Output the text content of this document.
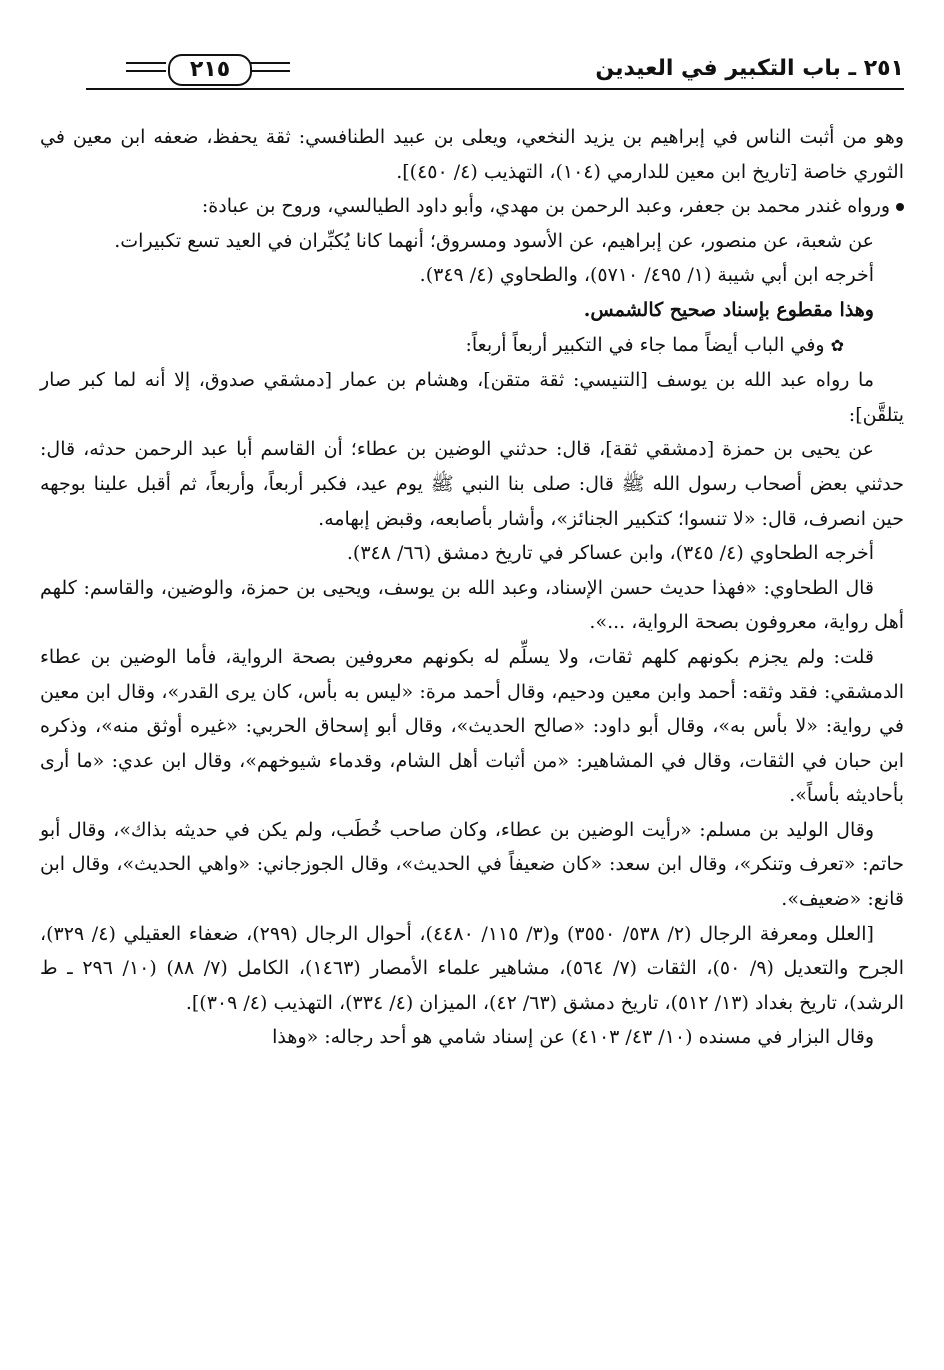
٢٥١ ـ باب التكبير في العيدين
٢١٥

وهو من أثبت الناس في إبراهيم بن يزيد النخعي، ويعلى بن عبيد الطنافسي: ثقة يحفظ، ضعفه ابن معين في الثوري خاصة [تاريخ ابن معين للدارمي (١٠٤)، التهذيب (٤/ ٤٥٠)].

ورواه غندر محمد بن جعفر، وعبد الرحمن بن مهدي، وأبو داود الطيالسي، وروح بن عبادة:

عن شعبة، عن منصور، عن إبراهيم، عن الأسود ومسروق؛ أنهما كانا يُكبِّران في العيد تسع تكبيرات.

أخرجه ابن أبي شيبة (١/ ٤٩٥/ ٥٧١٠)، والطحاوي (٤/ ٣٤٩).

وهذا مقطوع بإسناد صحيح كالشمس.

✿وفي الباب أيضاً مما جاء في التكبير أربعاً أربعاً:

ما رواه عبد الله بن يوسف [التنيسي: ثقة متقن]، وهشام بن عمار [دمشقي صدوق، إلا أنه لما كبر صار يتلقَّن]:

عن يحيى بن حمزة [دمشقي ثقة]، قال: حدثني الوضين بن عطاء؛ أن القاسم أبا عبد الرحمن حدثه، قال: حدثني بعض أصحاب رسول الله ﷺ قال: صلى بنا النبي ﷺ يوم عيد، فكبر أربعاً، وأربعاً، ثم أقبل علينا بوجهه حين انصرف، قال: «لا تنسوا؛ كتكبير الجنائز»، وأشار بأصابعه، وقبض إبهامه.

أخرجه الطحاوي (٤/ ٣٤٥)، وابن عساكر في تاريخ دمشق (٦٦/ ٣٤٨).

قال الطحاوي: «فهذا حديث حسن الإسناد، وعبد الله بن يوسف، ويحيى بن حمزة، والوضين، والقاسم: كلهم أهل رواية، معروفون بصحة الرواية، ...».

قلت: ولم يجزم بكونهم كلهم ثقات، ولا يسلِّم له بكونهم معروفين بصحة الرواية، فأما الوضين بن عطاء الدمشقي: فقد وثقه: أحمد وابن معين ودحيم، وقال أحمد مرة: «ليس به بأس، كان يرى القدر»، وقال ابن معين في رواية: «لا بأس به»، وقال أبو داود: «صالح الحديث»، وقال أبو إسحاق الحربي: «غيره أوثق منه»، وذكره ابن حبان في الثقات، وقال في المشاهير: «من أثبات أهل الشام، وقدماء شيوخهم»، وقال ابن عدي: «ما أرى بأحاديثه بأساً».

وقال الوليد بن مسلم: «رأيت الوضين بن عطاء، وكان صاحب خُطَب، ولم يكن في حديثه بذاك»، وقال أبو حاتم: «تعرف وتنكر»، وقال ابن سعد: «كان ضعيفاً في الحديث»، وقال الجوزجاني: «واهي الحديث»، وقال ابن قانع: «ضعيف».

[العلل ومعرفة الرجال (٢/ ٥٣٨/ ٣٥٥٠) و(٣/ ١١٥/ ٤٤٨٠)، أحوال الرجال (٢٩٩)، ضعفاء العقيلي (٤/ ٣٢٩)، الجرح والتعديل (٩/ ٥٠)، الثقات (٧/ ٥٦٤)، مشاهير علماء الأمصار (١٤٦٣)، الكامل (٧/ ٨٨) (١٠/ ٢٩٦ ـ ط الرشد)، تاريخ بغداد (١٣/ ٥١٢)، تاريخ دمشق (٦٣/ ٤٢)، الميزان (٤/ ٣٣٤)، التهذيب (٤/ ٣٠٩)].

وقال البزار في مسنده (١٠/ ٤٣/ ٤١٠٣) عن إسناد شامي هو أحد رجاله: «وهذا
